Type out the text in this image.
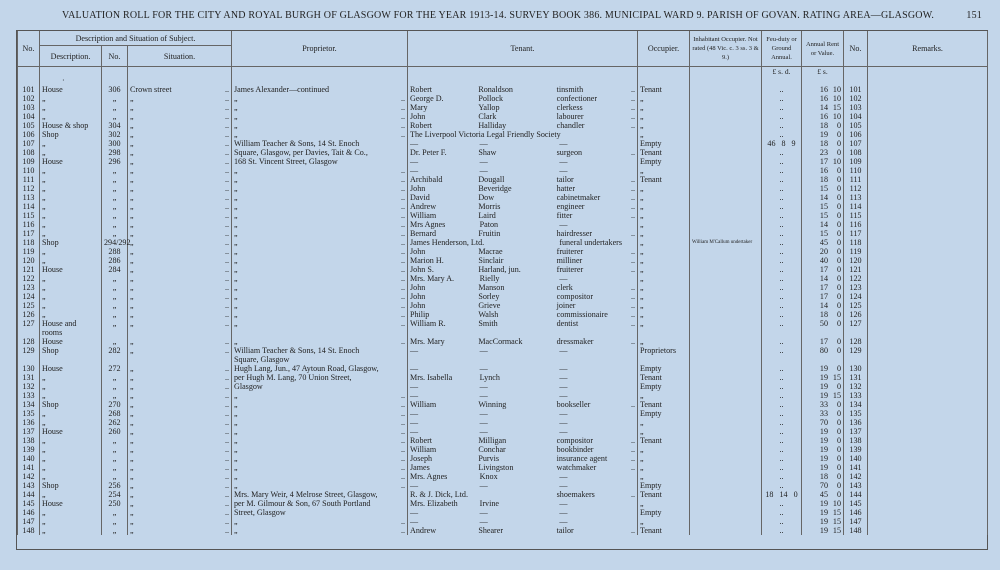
VALUATION ROLL FOR THE CITY AND ROYAL BURGH OF GLASGOW FOR THE YEAR 1913-14. SURVEY BOOK 386. MUNICIPAL WARD 9. PARISH OF GOVAN. RATING AREA—GLASGOW.	151
No.	Description and Situation of Subject.			Proprietor.	Tenant.	Occupier.	Inhabitant Occupier. Not rated (48 Vic. c. 3 ss. 3 & 9.)	Feu-duty or Ground Annual.	Annual Rent or Value.	No.	Remarks.
	Description.	No.	Situation.								
								£ s. d.	£ s.		
	·		

101	House	306	Crown street ..	James Alexander—continued	Robert Ronaldson tinsmith ..	Tenant		..	16 10	101	
102	„	„	„ ..	„ ..	George D. Pollock confectioner ..	„		..	16 10	102	
103	„	„	„ ..	„ ..	Mary Yallop clerkess ..	„		..	14 15	103	
104	„	„	„ ..	„ ..	John Clark labourer ..	„		..	16 10	104	
105	House & shop	304	„ ..	„ ..	Robert Halliday chandler ..	„		..	18 0	105	
106	Shop	302	„ ..	„ ..	The Liverpool Victoria Legal Friendly Society	„		..	19 0	106	
107	„	300	„ ..	William Teacher & Sons, 14 St. Enoch	— — —	Empty		46 8 9	18 0	107	
108	„	298	„ ..	Square, Glasgow, per Davies, Tait & Co.,	Dr. Peter F. Shaw surgeon ..	Tenant		..	23 0	108	
109	House	296	„ ..	168 St. Vincent Street, Glasgow	— — —	Empty		..	17 10	109	
110	„	„	„ ..	„ ..	— — —	„		..	16 0	110	
111	„	„	„ ..	„ ..	Archibald Dougall tailor ..	Tenant		..	18 0	111	
112	„	„	„ ..	„ ..	John Beveridge hatter ..	„		..	15 0	112	
113	„	„	„ ..	„ ..	David Dow cabinetmaker ..	„		..	14 0	113	
114	„	„	„ ..	„ ..	Andrew Morris engineer ..	„		..	15 0	114	
115	„	„	„ ..	„ ..	William Laird fitter ..	„		..	15 0	115	
116	„	„	„ ..	„ ..	Mrs Agnes Paton —	„		..	14 0	116	
117	„	„	„ ..	„ ..	Bernard Fruitin hairdresser ..	„		..	15 0	117	
118	Shop	294/292	„ ..	„ ..	James Henderson, Ltd. funeral undertakers	„	William M'Callum undertaker	..	45 0	118	
119	„	288	„ ..	„ ..	John Macrae fruiterer ..	„		..	20 0	119	
120	„	286	„ ..	„ ..	Marion H. Sinclair milliner ..	„		..	40 0	120	
121	House	284	„ ..	„ ..	John S. Harland, jun. fruiterer ..	„		..	17 0	121	
122	„	„	„ ..	„ ..	Mrs. Mary A. Rielly —	„		..	14 0	122	
123	„	„	„ ..	„ ..	John Manson clerk ..	„		..	17 0	123	
124	„	„	„ ..	„ ..	John Sorley compositor ..	„		..	17 0	124	
125	„	„	„ ..	„ ..	John Grieve joiner ..	„		..	14 0	125	
126	„	„	„ ..	„ ..	Philip Walsh commissionaire ..	„		..	18 0	126	
127	House and	„	„ ..	„ ..	William R. Smith dentist ..	„		..	50 0	127	
	rooms		

128	House	„	„ ..	„ ..	Mrs. Mary MacCormack dressmaker ..	„		..	17 0	128	
129	Shop	282	„ ..	William Teacher & Sons, 14 St. Enoch	— — —	Proprietors		..	80 0	129	

	Square, Glasgow

130	House	272	„ ..	Hugh Lang, Jun., 47 Aytoun Road, Glasgow,	— — —	Empty		..	19 0	130	
131	„	„	„ ..	per Hugh M. Lang, 70 Union Street,	Mrs. Isabella Lynch —	Tenant		..	19 15	131	
132	„	„	„ ..	Glasgow	— — —	Empty		..	19 0	132	
133	„	„	„ ..	„ ..	— — —	„		..	19 15	133	
134	Shop	270	„ ..	„ ..	William Winning bookseller ..	Tenant		..	33 0	134	
135	„	268	„ ..	„ ..	— — —	Empty		..	33 0	135	
136	„	262	„ ..	„ ..	— — —	„		..	70 0	136	
137	House	260	„ ..	„ ..	— — —	„		..	19 0	137	
138	„	„	„ ..	„ ..	Robert Milligan compositor ..	Tenant		..	19 0	138	
139	„	„	„ ..	„ ..	William Conchar bookbinder ..	„		..	19 0	139	
140	„	„	„ ..	„ ..	Joseph Purvis insurance agent ..	„		..	19 0	140	
141	„	„	„ ..	„ ..	James Livingston watchmaker ..	„		..	19 0	141	
142	„	„	„ ..	„ ..	Mrs. Agnes Knox —	„		..	18 0	142	
143	Shop	256	„ ..	„ ..	— — —	Empty		..	70 0	143	
144	„	254	„ ..	Mrs. Mary Weir, 4 Melrose Street, Glasgow,	R. & J. Dick, Ltd. shoemakers ..	Tenant		18 14 0	45 0	144	
145	House	250	„ ..	per M. Gilmour & Son, 67 South Portland	Mrs. Elizabeth Irvine —	„		..	19 10	145	
146	„	„	„ ..	Street, Glasgow	— — —	Empty		..	19 15	146	
147	„	„	„ ..	„ ..	— — —	„		..	19 15	147	
148	„	„	„ ..	„ ..	Andrew Shearer tailor ..	Tenant		..	19 15	148	
